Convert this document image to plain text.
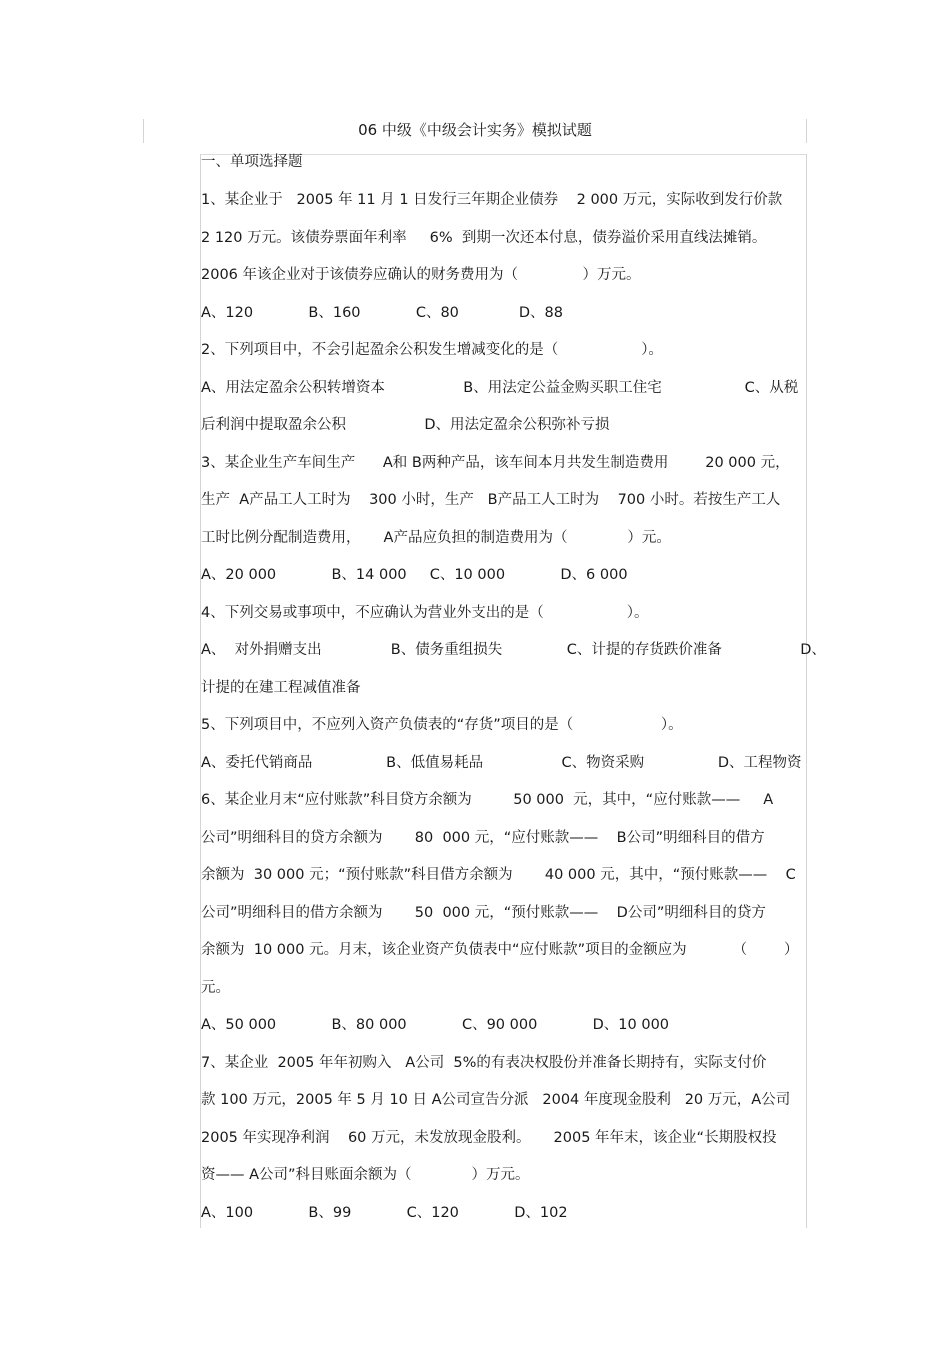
06 中级《中级会计实务》模拟试题
一、单项选择题
1、某企业于   2005 年 11 月 1 日发行三年期企业债券    2 000 万元，实际收到发行价款
2 120 万元。该债券票面年利率     6%  到期一次还本付息，债券溢价采用直线法摊销。
2006 年该企业对于该债券应确认的财务费用为（              ）万元。
A、120            B、160            C、80             D、88
2、下列项目中，不会引起盈余公积发生增减变化的是（                  ）。
A、用法定盈余公积转增资本                 B、用法定公益金购买职工住宅                  C、从税
后利润中提取盈余公积                 D、用法定盈余公积弥补亏损
3、某企业生产车间生产      A和 B两种产品，该车间本月共发生制造费用        20 000 元，
生产  A产品工人工时为    300 小时，生产   B产品工人工时为    700 小时。若按生产工人
工时比例分配制造费用，     A产品应负担的制造费用为（             ）元。
A、20 000            B、14 000     C、10 000            D、6 000
4、下列交易或事项中，不应确认为营业外支出的是（                  ）。
A、  对外捐赠支出               B、债务重组损失              C、计提的存货跌价准备                 D、
计提的在建工程减值准备
5、下列项目中，不应列入资产负债表的“存货”项目的是（                   ）。
A、委托代销商品                B、低值易耗品                 C、物资采购                D、工程物资
6、某企业月末“应付账款”科目贷方余额为         50 000  元，其中，“应付账款——     A
公司”明细科目的贷方余额为       80  000 元，“应付账款——    B公司”明细科目的借方
余额为  30 000 元；“预付账款”科目借方余额为       40 000 元，其中，“预付账款——    C
公司”明细科目的借方余额为       50  000 元，“预付账款——    D公司”明细科目的贷方
余额为  10 000 元。月末，该企业资产负债表中“应付账款”项目的金额应为          （        ）
元。
A、50 000            B、80 000            C、90 000            D、10 000
7、某企业  2005 年年初购入   A公司  5%的有表决权股份并准备长期持有，实际支付价
款 100 万元，2005 年 5 月 10 日 A公司宣告分派   2004 年度现金股利   20 万元，A公司
2005 年实现净利润    60 万元，未发放现金股利。     2005 年年末，该企业“长期股权投
资—— A公司”科目账面余额为（             ）万元。
A、100            B、99            C、120            D、102
